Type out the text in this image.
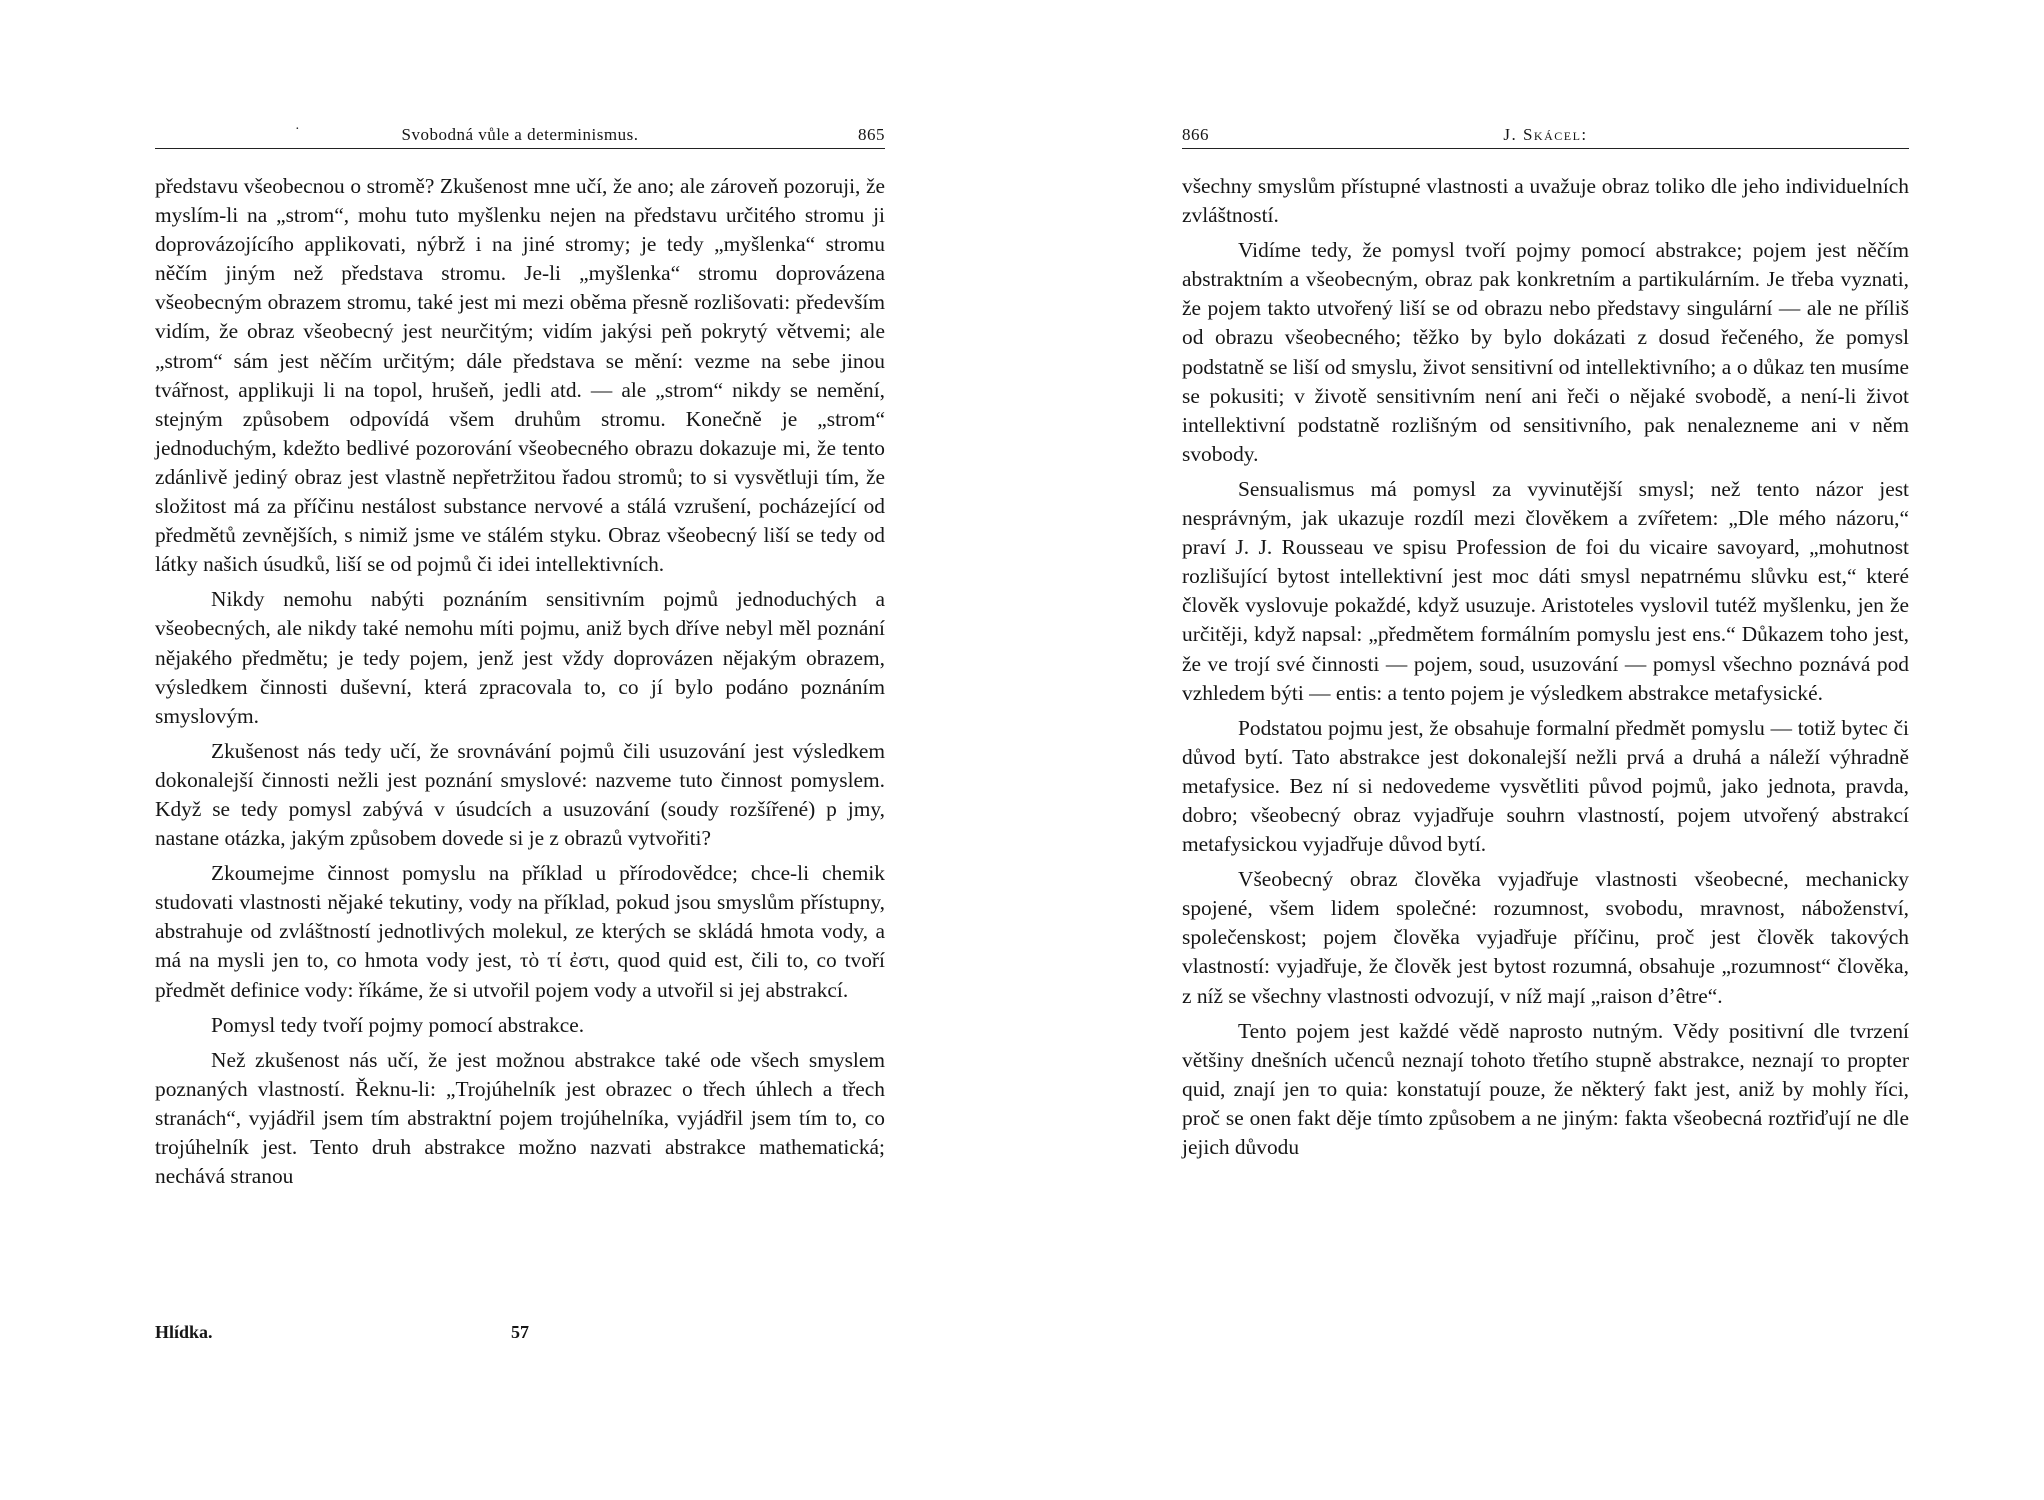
·	Svobodná vůle a determinismus.	865

představu všeobecnou o stromě? Zkušenost mne učí, že ano; ale zároveň pozoruji, že myslím-li na „strom“, mohu tuto myšlenku nejen na představu určitého stromu ji doprovázojícího applikovati, nýbrž i na jiné stromy; je tedy „myšlenka“ stromu něčím jiným než představa stromu. Je-li „myšlenka“ stromu doprovázena všeobecným obrazem stromu, také jest mi mezi oběma přesně rozlišovati: především vidím, že obraz všeobecný jest neurčitým; vidím jakýsi peň pokrytý větvemi; ale „strom“ sám jest něčím určitým; dále představa se mění: vezme na sebe jinou tvářnost, applikuji li na topol, hrušeň, jedli atd. — ale „strom“ nikdy se nemění, stejným způsobem odpovídá všem druhům stromu. Konečně je „strom“ jednoduchým, kdežto bedlivé pozorování všeobecného obrazu dokazuje mi, že tento zdánlivě jediný obraz jest vlastně nepřetržitou řadou stromů; to si vysvětluji tím, že složitost má za příčinu nestálost substance nervové a stálá vzrušení, pocházející od předmětů zevnějších, s nimiž jsme ve stálém styku. Obraz všeobecný liší se tedy od látky našich úsudků, liší se od pojmů či idei intellektivních.

Nikdy nemohu nabýti poznáním sensitivním pojmů jednoduchých a všeobecných, ale nikdy také nemohu míti pojmu, aniž bych dříve nebyl měl poznání nějakého předmětu; je tedy pojem, jenž jest vždy doprovázen nějakým obrazem, výsledkem činnosti duševní, která zpracovala to, co jí bylo podáno poznáním smyslovým.

Zkušenost nás tedy učí, že srovnávání pojmů čili usuzování jest výsledkem dokonalejší činnosti nežli jest poznání smyslové: nazveme tuto činnost pomyslem. Když se tedy pomysl zabývá v úsudcích a usuzování (soudy rozšířené) p jmy, nastane otázka, jakým způsobem dovede si je z obrazů vytvořiti?

Zkoumejme činnost pomyslu na příklad u přírodovědce; chce-li chemik studovati vlastnosti nějaké tekutiny, vody na příklad, pokud jsou smyslům přístupny, abstrahuje od zvláštností jednotlivých molekul, ze kterých se skládá hmota vody, a má na mysli jen to, co hmota vody jest, τὸ τί ἐστι, quod quid est, čili to, co tvoří předmět definice vody: říkáme, že si utvořil pojem vody a utvořil si jej abstrakcí.

Pomysl tedy tvoří pojmy pomocí abstrakce.

Než zkušenost nás učí, že jest možnou abstrakce také ode všech smyslem poznaných vlastností. Řeknu-li: „Trojúhelník jest obrazec o třech úhlech a třech stranách“, vyjádřil jsem tím abstraktní pojem trojúhelníka, vyjádřil jsem tím to, co trojúhelník jest. Tento druh abstrakce možno nazvati abstrakce mathematická; nechává stranou

Hlídka.	57
866	J. Skácel:

všechny smyslům přístupné vlastnosti a uvažuje obraz toliko dle jeho individuelních zvláštností.

Vidíme tedy, že pomysl tvoří pojmy pomocí abstrakce; pojem jest něčím abstraktním a všeobecným, obraz pak konkretním a partikulárním. Je třeba vyznati, že pojem takto utvořený liší se od obrazu nebo představy singulární — ale ne příliš od obrazu všeobecného; těžko by bylo dokázati z dosud řečeného, že pomysl podstatně se liší od smyslu, život sensitivní od intellektivního; a o důkaz ten musíme se pokusiti; v životě sensitivním není ani řeči o nějaké svobodě, a není-li život intellektivní podstatně rozlišným od sensitivního, pak nenalezneme ani v něm svobody.

Sensualismus má pomysl za vyvinutější smysl; než tento názor jest nesprávným, jak ukazuje rozdíl mezi člověkem a zvířetem: „Dle mého názoru,“ praví J. J. Rousseau ve spisu Profession de foi du vicaire savoyard, „mohutnost rozlišující bytost intellektivní jest moc dáti smysl nepatrnému slůvku est,“ které člověk vyslovuje pokaždé, když usuzuje. Aristoteles vyslovil tutéž myšlenku, jen že určitěji, když napsal: „předmětem formálním pomyslu jest ens.“ Důkazem toho jest, že ve trojí své činnosti — pojem, soud, usuzování — pomysl všechno poznává pod vzhledem býti — entis: a tento pojem je výsledkem abstrakce metafysické.

Podstatou pojmu jest, že obsahuje formalní předmět pomyslu — totiž bytec či důvod bytí. Tato abstrakce jest dokonalejší nežli prvá a druhá a náleží výhradně metafysice. Bez ní si nedovedeme vysvětliti původ pojmů, jako jednota, pravda, dobro; všeobecný obraz vyjadřuje souhrn vlastností, pojem utvořený abstrakcí metafysickou vyjadřuje důvod bytí.

Všeobecný obraz člověka vyjadřuje vlastnosti všeobecné, mechanicky spojené, všem lidem společné: rozumnost, svobodu, mravnost, náboženství, společenskost; pojem člověka vyjadřuje příčinu, proč jest člověk takových vlastností: vyjadřuje, že člověk jest bytost rozumná, obsahuje „rozumnost“ člověka, z níž se všechny vlastnosti odvozují, v níž mají „raison d’être“.

Tento pojem jest každé vědě naprosto nutným. Vědy positivní dle tvrzení většiny dnešních učenců neznají tohoto třetího stupně abstrakce, neznají το propter quid, znají jen το quia: konstatují pouze, že některý fakt jest, aniž by mohly říci, proč se onen fakt děje tímto způsobem a ne jiným: fakta všeobecná roztřiďují ne dle jejich důvodu
